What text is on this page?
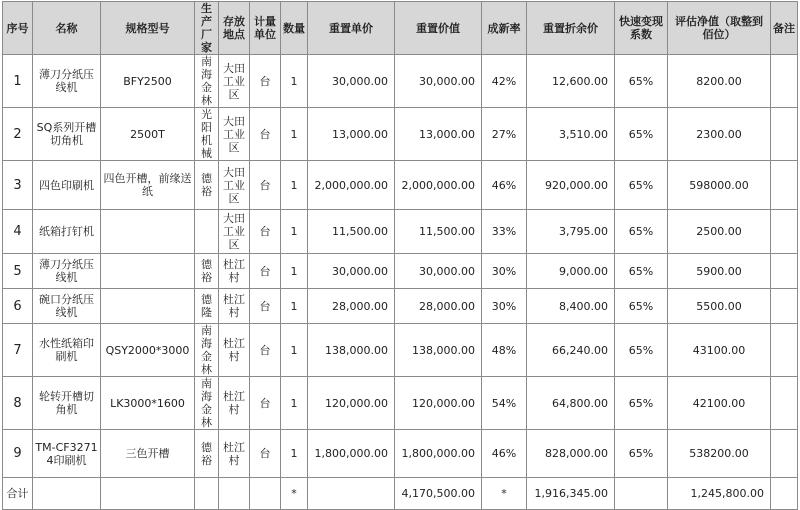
序号	名称	规格型号	生产厂家	存放地点	计量单位	数量	重置单价	重置价值	成新率	重置折余价	快速变现系数	评估净值（取整到佰位）	备注
1	薄刀分纸压线机	BFY2500	南海金林	大田工业区	台	1	30,000.00	30,000.00	42%	12,600.00	65%	8200.00	
2	SQ系列开槽切角机	2500T	光阳机械	大田工业区	台	1	13,000.00	13,000.00	27%	3,510.00	65%	2300.00	
3	四色印刷机	四色开槽，前缘送纸	德裕	大田工业区	台	1	2,000,000.00	2,000,000.00	46%	920,000.00	65%	598000.00	
4	纸箱打钉机			大田工业区	台	1	11,500.00	11,500.00	33%	3,795.00	65%	2500.00	
5	薄刀分纸压线机		德裕	杜江村	台	1	30,000.00	30,000.00	30%	9,000.00	65%	5900.00	
6	碗口分纸压线机		德隆	杜江村	台	1	28,000.00	28,000.00	30%	8,400.00	65%	5500.00	
7	水性纸箱印刷机	QSY2000*3000	南海金林	杜江村	台	1	138,000.00	138,000.00	48%	66,240.00	65%	43100.00	
8	轮转开槽切角机	LK3000*1600	南海金林	杜江村	台	1	120,000.00	120,000.00	54%	64,800.00	65%	42100.00	
9	TM-CF32714印刷机	三色开槽	德裕	杜江村	台	1	1,800,000.00	1,800,000.00	46%	828,000.00	65%	538200.00	
合计						*		4,170,500.00	*	1,916,345.00		1,245,800.00	
